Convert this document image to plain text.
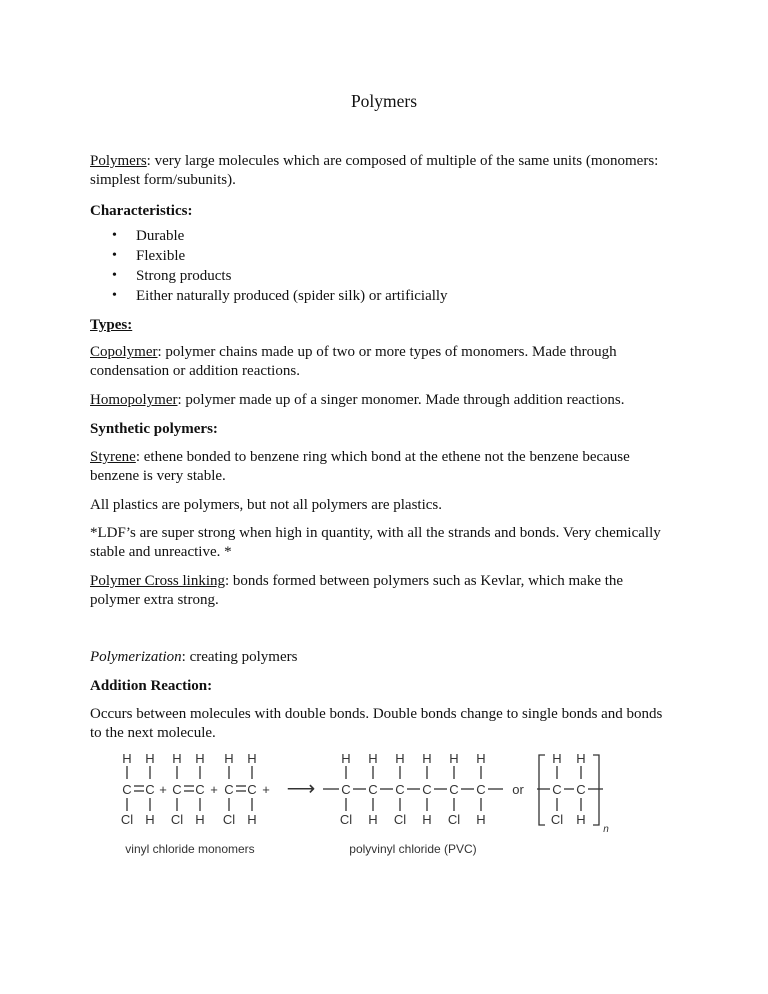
Polymers

Polymers: very large molecules which are composed of multiple of the same units (monomers: simplest form/subunits).

Characteristics:

• Durable
• Flexible
• Strong products
• Either naturally produced (spider silk) or artificially

Types:

Copolymer: polymer chains made up of two or more types of monomers. Made through condensation or addition reactions.

Homopolymer: polymer made up of a singer monomer. Made through addition reactions.

Synthetic polymers:

Styrene: ethene bonded to benzene ring which bond at the ethene not the benzene because benzene is very stable.

All plastics are polymers, but not all polymers are plastics.

*LDF’s are super strong when high in quantity, with all the strands and bonds. Very chemically stable and unreactive. *

Polymer Cross linking: bonds formed between polymers such as Kevlar, which make the polymer extra strong.

Polymerization: creating polymers

Addition Reaction:

Occurs between molecules with double bonds. Double bonds change to single bonds and bonds to the next molecule.

H H H H H H
C C C C C C
+	+	+
Cl H Cl H Cl H
⟶
H H H H H H
C C C C C C
Cl H Cl H Cl H
or
H H
C C
Cl H
n
vinyl chloride monomers	polyvinyl chloride (PVC)
